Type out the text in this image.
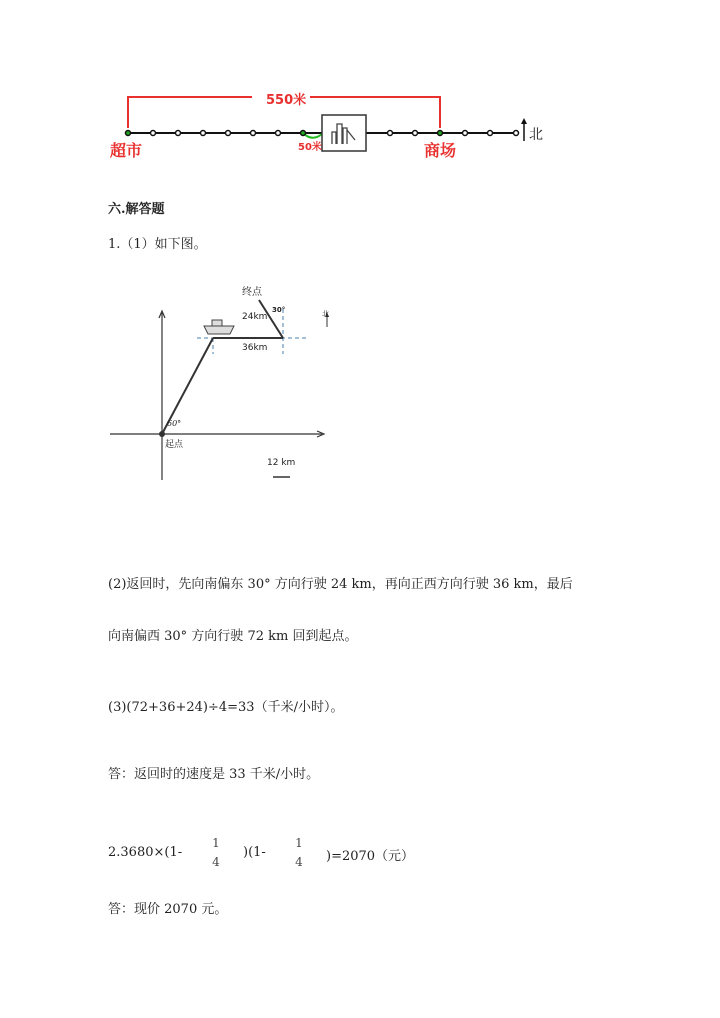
550米
50米
超市	商场
北
六.解答题
1.（1）如下图。
终点
24km
30°
36km
北
60°
起点
12 km
(2)返回时，先向南偏东 30° 方向行驶 24 km，再向正西方向行驶 36 km，最后
向南偏西 30° 方向行驶 72 km 回到起点。
(3)(72+36+24)÷4=33（千米/小时）。
答：返回时的速度是 33 千米/小时。
2.3680×(1-
1
4
)(1-
1
4 )=2070（元）
答：现价 2070 元。
